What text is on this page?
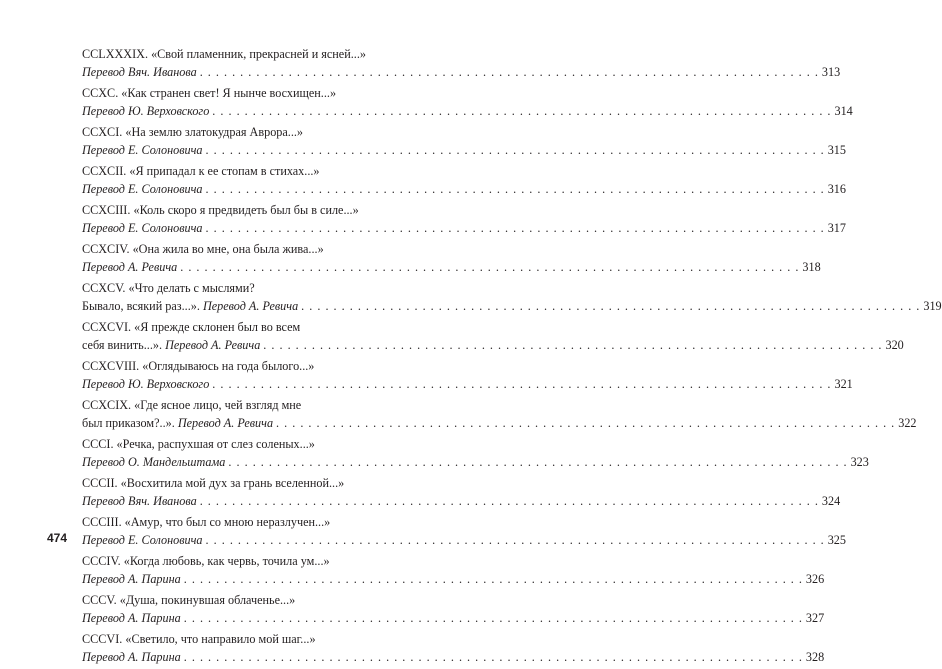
CCLXXXIX. «Свой пламенник, прекрасней и ясней...»
Перевод Вяч. Иванова . . .	313
CCXC. «Как странен свет! Я нынче восхищен...»
Перевод Ю. Верховского . . .	314
CCXCI. «На землю златокудрая Аврора...»
Перевод Е. Солоновича . . .	315
CCXCII. «Я припадал к ее стопам в стихах...»
Перевод Е. Солоновича . . .	316
CCXCIII. «Коль скоро я предвидеть был бы в силе...»
Перевод Е. Солоновича . . .	317
CCXCIV. «Она жила во мне, она была жива...»
Перевод А. Ревича . . .	318
CCXCV. «Что делать с мыслями?
Бывало, всякий раз...». Перевод А. Ревича . . .	319
CCXCVI. «Я прежде склонен был во всем
себя винить...». Перевод А. Ревича . . .	320
CCXCVIII. «Оглядываюсь на года былого...»
Перевод Ю. Верховского . . .	321
CCXCIX. «Где ясное лицо, чей взгляд мне
был приказом?..». Перевод А. Ревича . . .	322
CCCI. «Речка, распухшая от слез соленых...»
Перевод О. Мандельштама . . .	323
CCCII. «Восхитила мой дух за грань вселенной...»
Перевод Вяч. Иванова . . .	324
CCCIII. «Амур, что был со мною неразлучен...»
Перевод Е. Солоновича . . .	325
CCCIV. «Когда любовь, как червь, точила ум...»
Перевод А. Парина . . .	326
CCCV. «Душа, покинувшая облаченье...»
Перевод А. Парина . . .	327
CCCVI. «Светило, что направило мой шаг...»
Перевод А. Парина . . .	328
474
